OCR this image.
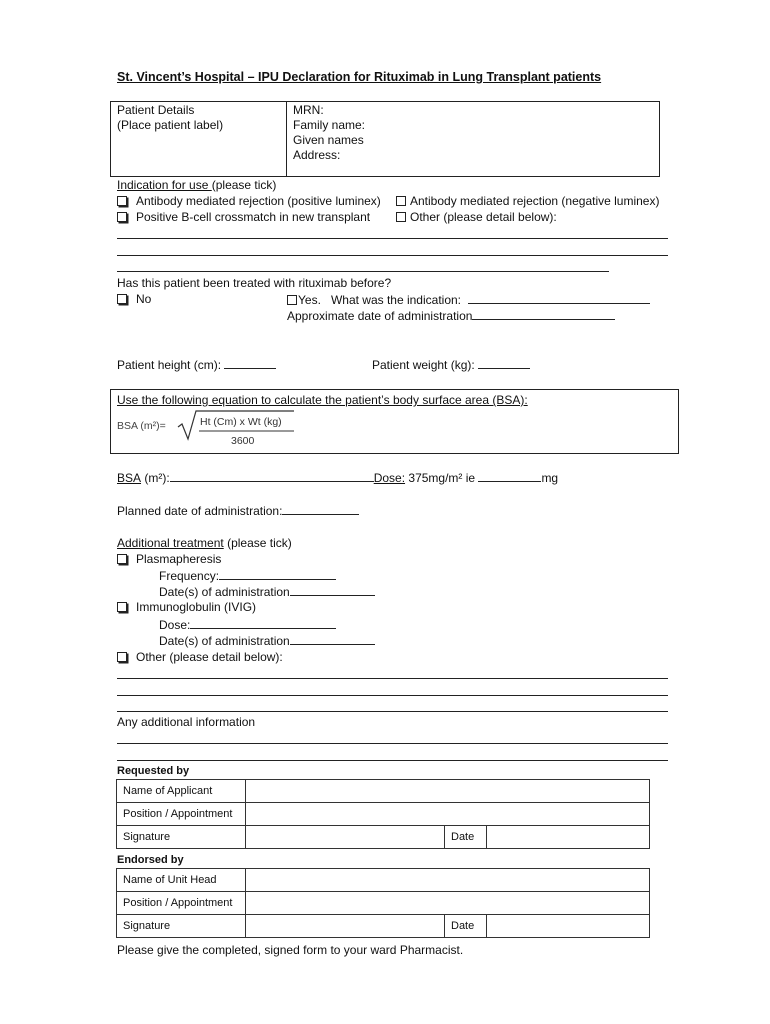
St. Vincent’s Hospital – IPU Declaration for Rituximab in Lung Transplant patients
Patient Details
(Place patient label)
MRN:
Family name:
Given names
Address:
Indication for use (please tick)
Antibody mediated rejection (positive luminex)	Antibody mediated rejection (negative luminex)
Positive B-cell crossmatch in new transplant	Other (please detail below):
Has this patient been treated with rituximab before?
No	Yes. What was the indication:
Approximate date of administration
Patient height (cm):	Patient weight (kg):
Use the following equation to calculate the patient’s body surface area (BSA):
BSA (m²)=	Ht (Cm) x Wt (kg)
3600
BSA (m²):	Dose: 375mg/m² ie	mg
Planned date of administration:
Additional treatment (please tick)
Plasmapheresis
Frequency:
Date(s) of administration
Immunoglobulin (IVIG)
Dose:
Date(s) of administration
Other (please detail below):
Any additional information
Requested by
Name of Applicant			
Position / Appointment			
Signature		Date	
Endorsed by
Name of Unit Head			
Position / Appointment			
Signature		Date	
Please give the completed, signed form to your ward Pharmacist.
